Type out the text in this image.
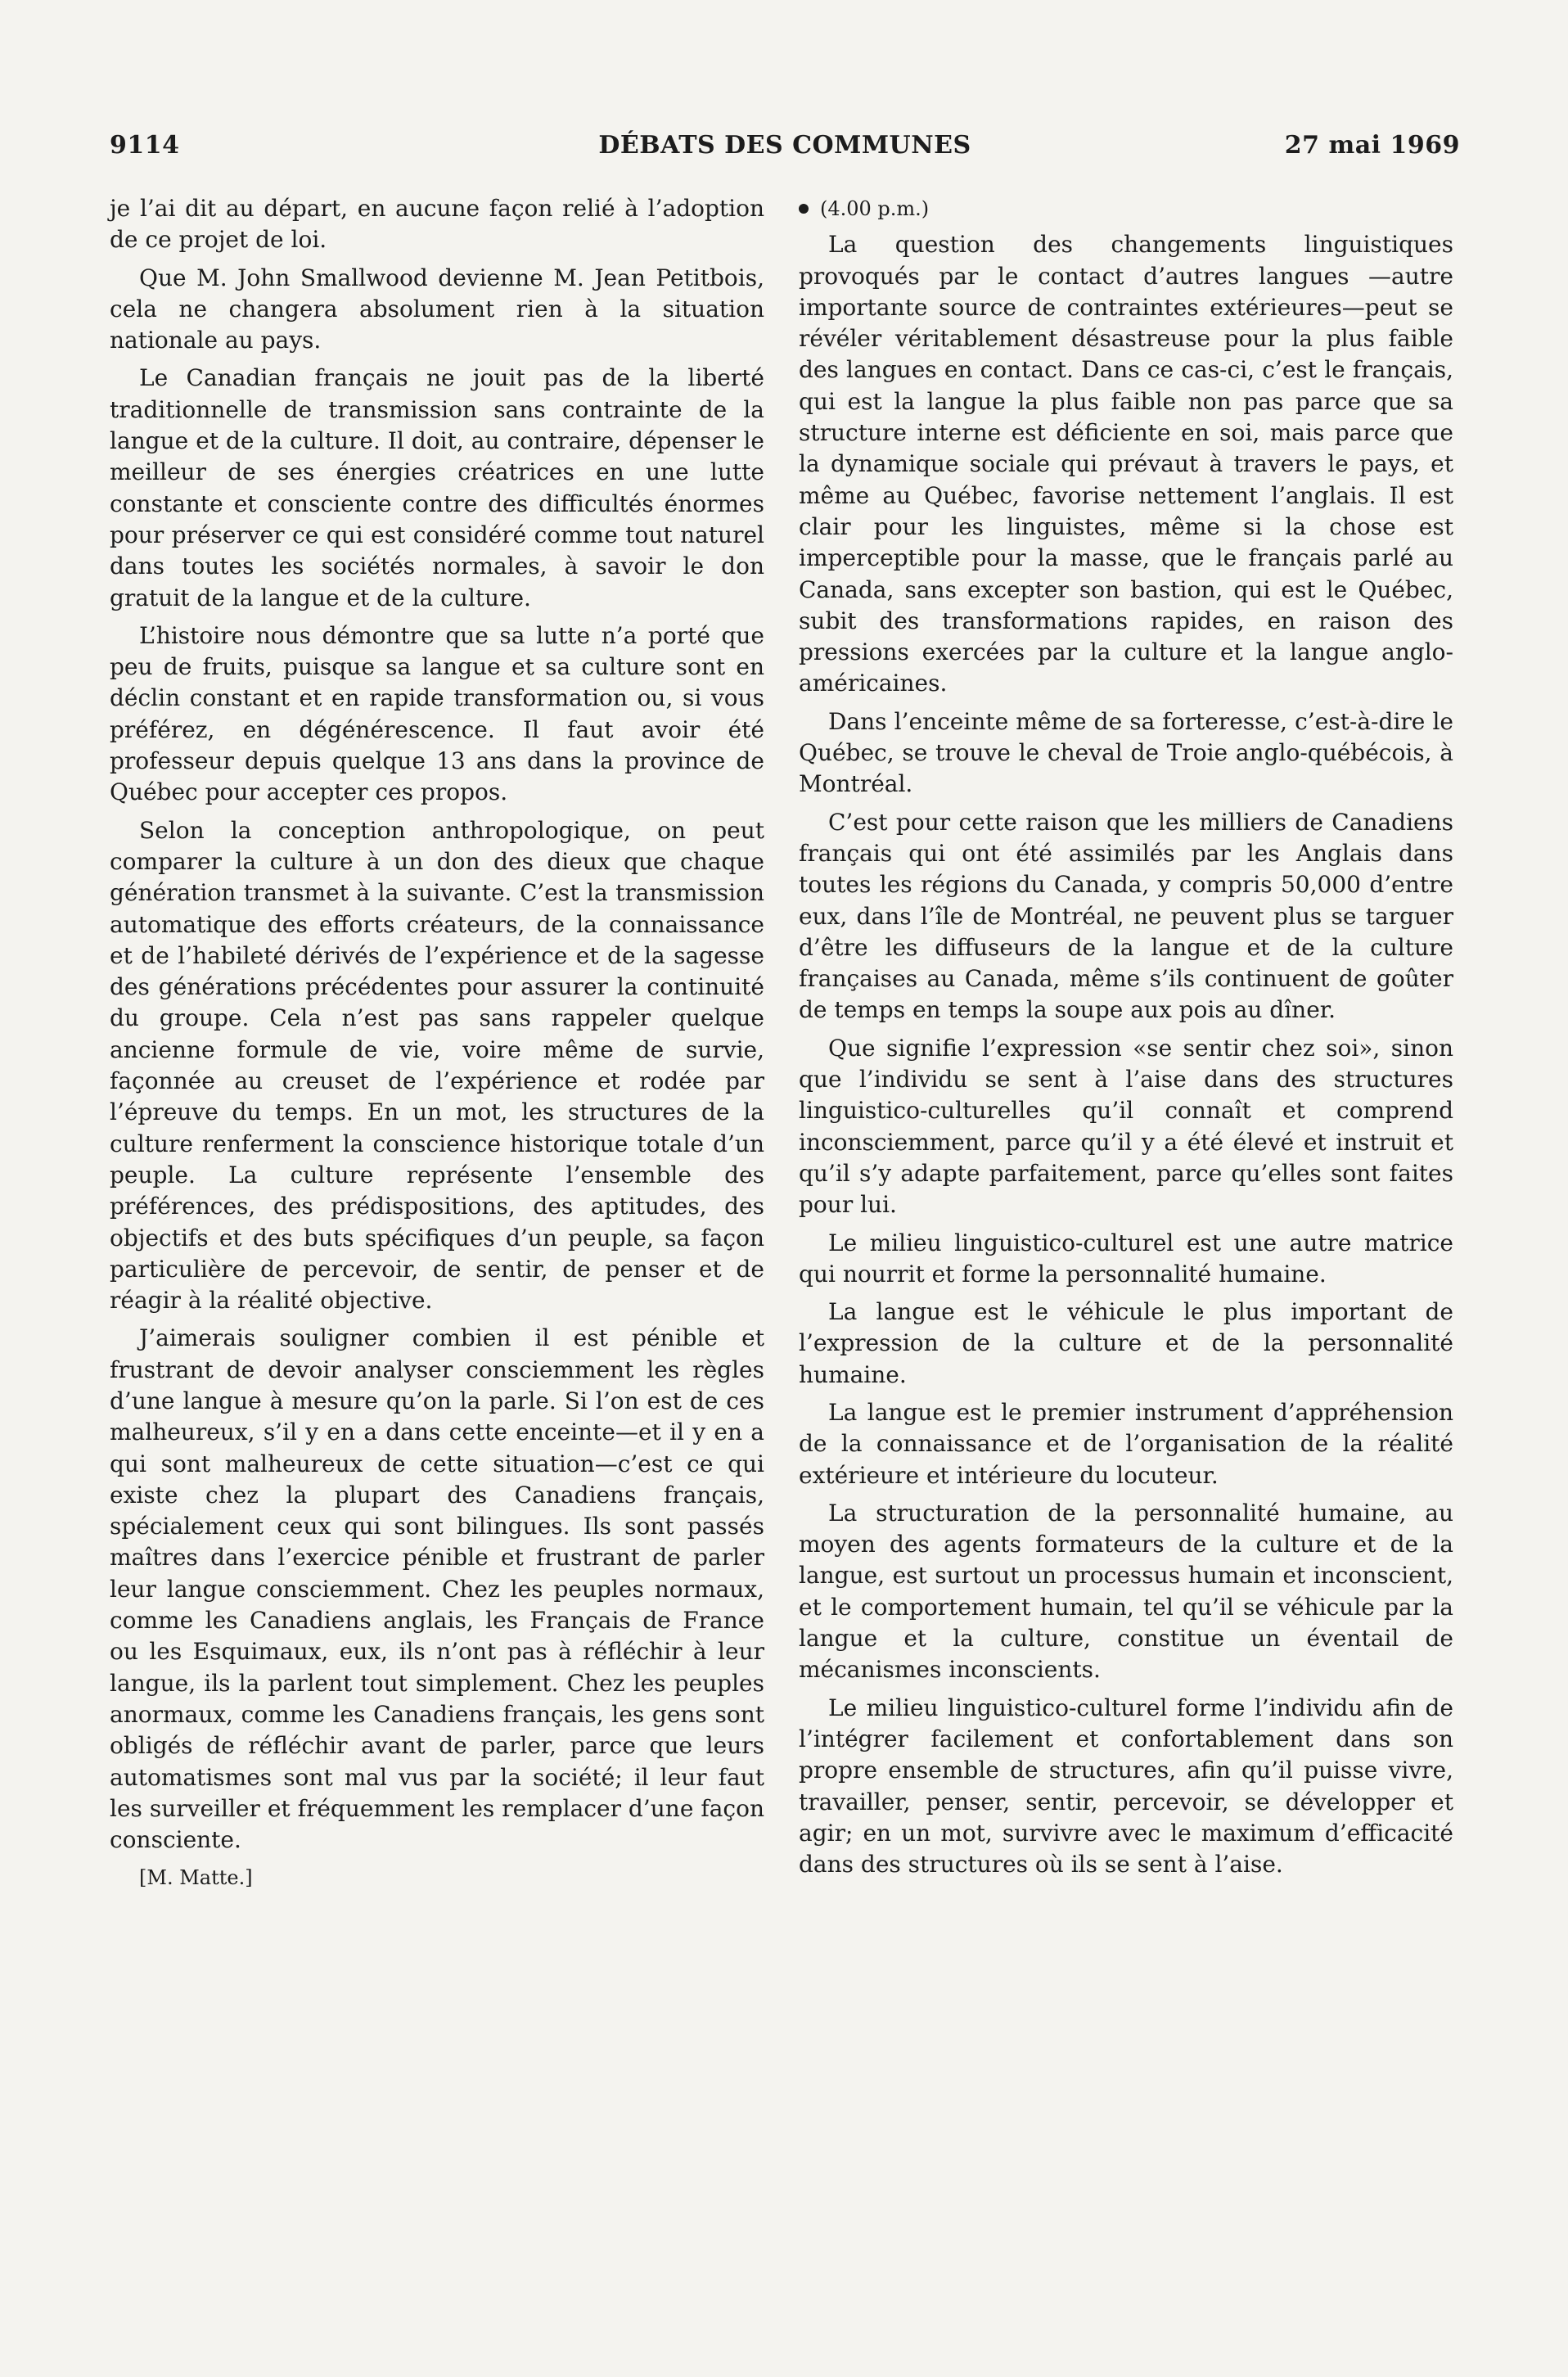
9114	DÉBATS DES COMMUNES	27 mai 1969

je l’ai dit au départ, en aucune façon relié à l’adoption de ce projet de loi.

Que M. John Smallwood devienne M. Jean Petitbois, cela ne changera absolument rien à la situation nationale au pays.

Le Canadian français ne jouit pas de la liberté traditionnelle de transmission sans contrainte de la langue et de la culture. Il doit, au contraire, dépenser le meilleur de ses énergies créatrices en une lutte constante et consciente contre des difficultés énormes pour préserver ce qui est considéré comme tout naturel dans toutes les sociétés normales, à savoir le don gratuit de la langue et de la culture.

L’histoire nous démontre que sa lutte n’a porté que peu de fruits, puisque sa langue et sa culture sont en déclin constant et en rapide transformation ou, si vous préférez, en dégénérescence. Il faut avoir été professeur depuis quelque 13 ans dans la province de Québec pour accepter ces propos.

Selon la conception anthropologique, on peut comparer la culture à un don des dieux que chaque génération transmet à la suivante. C’est la transmission automatique des efforts créateurs, de la connaissance et de l’habileté dérivés de l’expérience et de la sagesse des générations précédentes pour assurer la continuité du groupe. Cela n’est pas sans rappeler quelque ancienne formule de vie, voire même de survie, façonnée au creuset de l’expérience et rodée par l’épreuve du temps. En un mot, les structures de la culture renferment la conscience historique totale d’un peuple. La culture représente l’ensemble des préférences, des prédispositions, des aptitudes, des objectifs et des buts spécifiques d’un peuple, sa façon particulière de percevoir, de sentir, de penser et de réagir à la réalité objective.

J’aimerais souligner combien il est pénible et frustrant de devoir analyser consciemment les règles d’une langue à mesure qu’on la parle. Si l’on est de ces malheureux, s’il y en a dans cette enceinte—et il y en a qui sont malheureux de cette situation—c’est ce qui existe chez la plupart des Canadiens français, spécialement ceux qui sont bilingues. Ils sont passés maîtres dans l’exercice pénible et frustrant de parler leur langue consciemment. Chez les peuples normaux, comme les Canadiens anglais, les Français de France ou les Esquimaux, eux, ils n’ont pas à réfléchir à leur langue, ils la parlent tout simplement. Chez les peuples anormaux, comme les Canadiens français, les gens sont obligés de réfléchir avant de parler, parce que leurs automatismes sont mal vus par la société; il leur faut les surveiller et fréquemment les remplacer d’une façon consciente.

[M. Matte.]

(4.00 p.m.)

La question des changements linguistiques provoqués par le contact d’autres langues —autre importante source de contraintes extérieures—peut se révéler véritablement désastreuse pour la plus faible des langues en contact. Dans ce cas-ci, c’est le français, qui est la langue la plus faible non pas parce que sa structure interne est déficiente en soi, mais parce que la dynamique sociale qui prévaut à travers le pays, et même au Québec, favorise nettement l’anglais. Il est clair pour les linguistes, même si la chose est imperceptible pour la masse, que le français parlé au Canada, sans excepter son bastion, qui est le Québec, subit des transformations rapides, en raison des pressions exercées par la culture et la langue anglo-américaines.

Dans l’enceinte même de sa forteresse, c’est-à-dire le Québec, se trouve le cheval de Troie anglo-québécois, à Montréal.

C’est pour cette raison que les milliers de Canadiens français qui ont été assimilés par les Anglais dans toutes les régions du Canada, y compris 50,000 d’entre eux, dans l’île de Montréal, ne peuvent plus se targuer d’être les diffuseurs de la langue et de la culture françaises au Canada, même s’ils continuent de goûter de temps en temps la soupe aux pois au dîner.

Que signifie l’expression «se sentir chez soi», sinon que l’individu se sent à l’aise dans des structures linguistico-culturelles qu’il connaît et comprend inconsciemment, parce qu’il y a été élevé et instruit et qu’il s’y adapte parfaitement, parce qu’elles sont faites pour lui.

Le milieu linguistico-culturel est une autre matrice qui nourrit et forme la personnalité humaine.

La langue est le véhicule le plus important de l’expression de la culture et de la personnalité humaine.

La langue est le premier instrument d’appréhension de la connaissance et de l’organisation de la réalité extérieure et intérieure du locuteur.

La structuration de la personnalité humaine, au moyen des agents formateurs de la culture et de la langue, est surtout un processus humain et inconscient, et le comportement humain, tel qu’il se véhicule par la langue et la culture, constitue un éventail de mécanismes inconscients.

Le milieu linguistico-culturel forme l’individu afin de l’intégrer facilement et confortablement dans son propre ensemble de structures, afin qu’il puisse vivre, travailler, penser, sentir, percevoir, se développer et agir; en un mot, survivre avec le maximum d’efficacité dans des structures où ils se sent à l’aise.
